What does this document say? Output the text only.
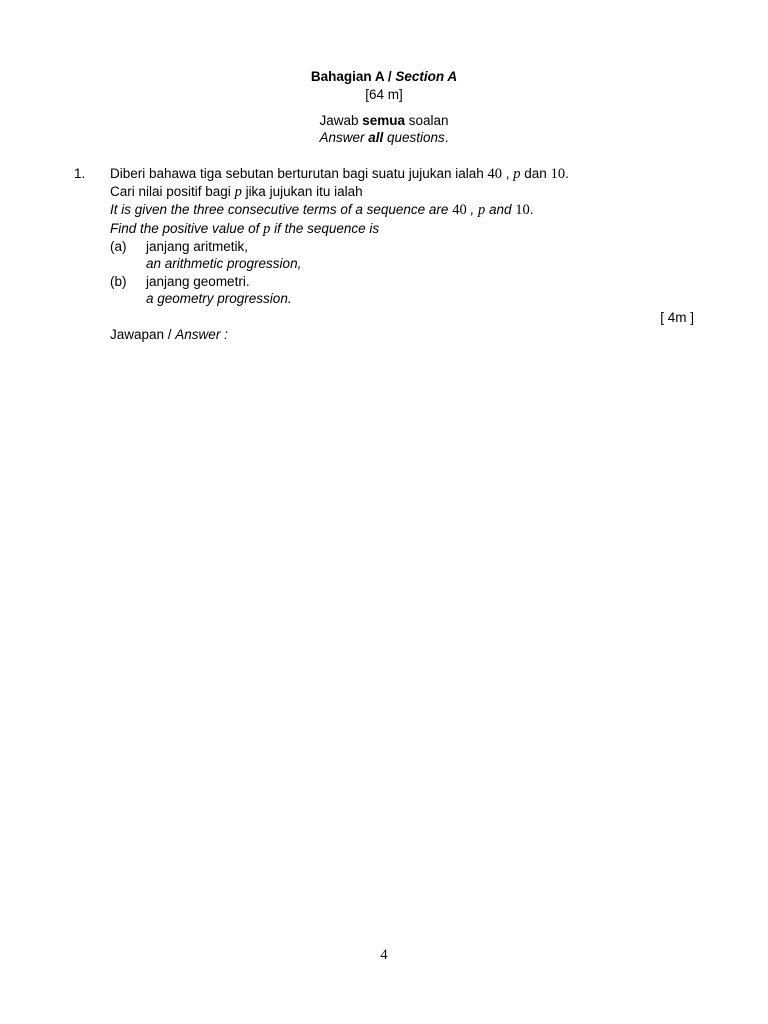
Bahagian A / Section A
[64 m]
Jawab semua soalan
Answer all questions.
1. Diberi bahawa tiga sebutan berturutan bagi suatu jujukan ialah 40 , p dan 10.
Cari nilai positif bagi p jika jujukan itu ialah
It is given the three consecutive terms of a sequence are 40 , p and 10.
Find the positive value of p if the sequence is
(a) janjang aritmetik,
an arithmetic progression,
(b) janjang geometri.
a geometry progression.
[ 4m ]
Jawapan / Answer :
4
